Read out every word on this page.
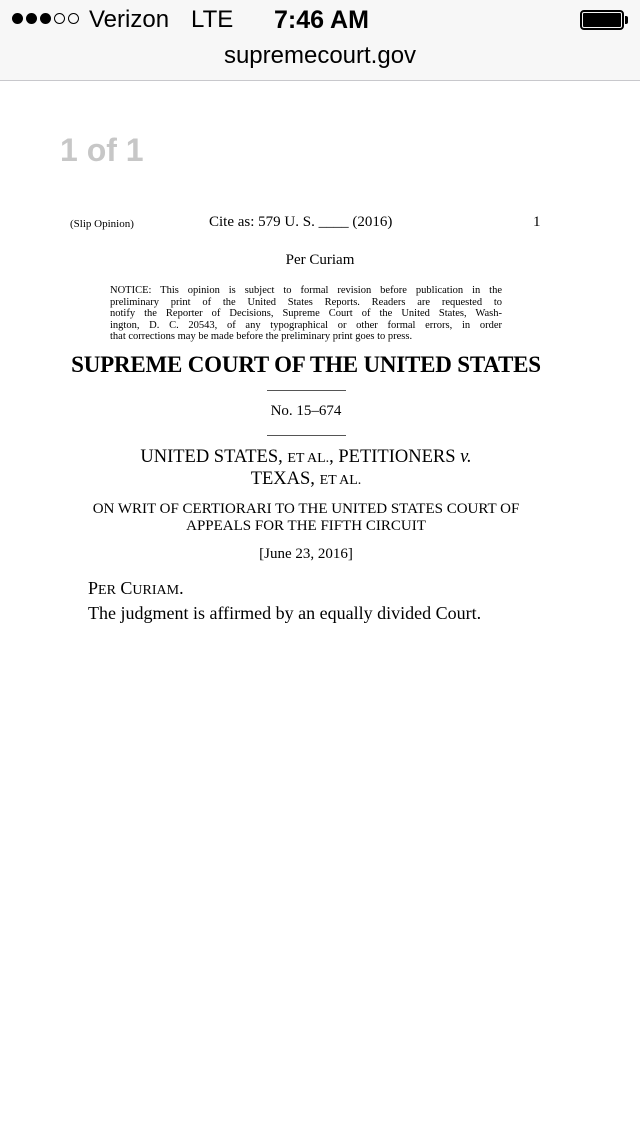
Verizon LTE 7:46 AM
supremecourt.gov
1 of 1
(Slip Opinion)	Cite as: 579 U. S. ____ (2016)	1
Per Curiam
NOTICE: This opinion is subject to formal revision before publication in the
preliminary print of the United States Reports. Readers are requested to
notify the Reporter of Decisions, Supreme Court of the United States, Wash-
ington, D. C. 20543, of any typographical or other formal errors, in order
that corrections may be made before the preliminary print goes to press.
SUPREME COURT OF THE UNITED STATES
No. 15–674
UNITED STATES, ET AL., PETITIONERS v.
TEXAS, ET AL.
ON WRIT OF CERTIORARI TO THE UNITED STATES COURT OF
APPEALS FOR THE FIFTH CIRCUIT
[June 23, 2016]
PER CURIAM.
The judgment is affirmed by an equally divided Court.
